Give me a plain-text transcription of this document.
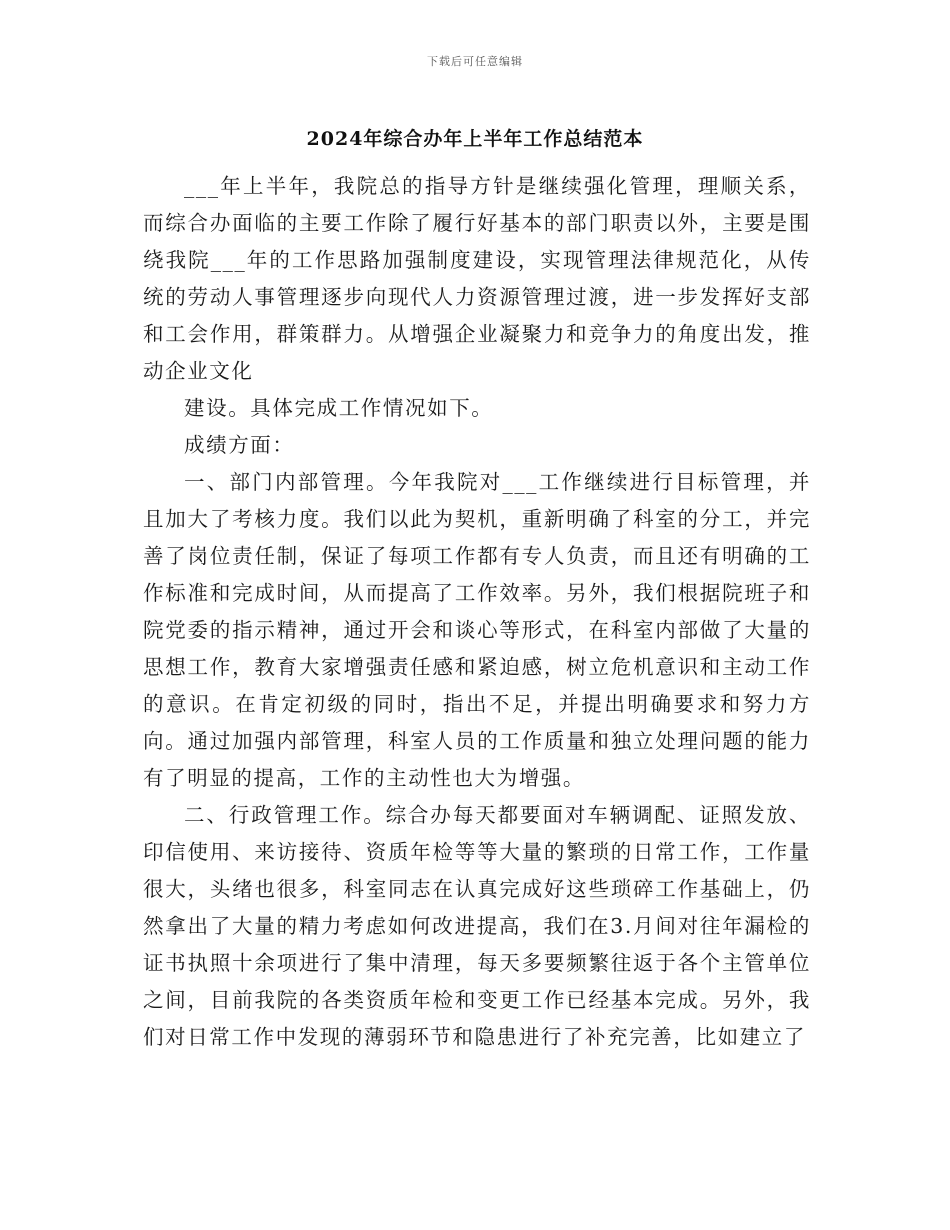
下载后可任意编辑
2024年综合办年上半年工作总结范本

___年上半年，我院总的指导方针是继续强化管理，理顺关系，而综合办面临的主要工作除了履行好基本的部门职责以外，主要是围绕我院___年的工作思路加强制度建设，实现管理法律规范化，从传统的劳动人事管理逐步向现代人力资源管理过渡，进一步发挥好支部和工会作用，群策群力。从增强企业凝聚力和竞争力的角度出发，推动企业文化

建设。具体完成工作情况如下。

成绩方面：

一、部门内部管理。今年我院对___工作继续进行目标管理，并且加大了考核力度。我们以此为契机，重新明确了科室的分工，并完善了岗位责任制，保证了每项工作都有专人负责，而且还有明确的工作标准和完成时间，从而提高了工作效率。另外，我们根据院班子和院党委的指示精神，通过开会和谈心等形式，在科室内部做了大量的思想工作，教育大家增强责任感和紧迫感，树立危机意识和主动工作的意识。在肯定初级的同时，指出不足，并提出明确要求和努力方向。通过加强内部管理，科室人员的工作质量和独立处理问题的能力有了明显的提高，工作的主动性也大为增强。

二、行政管理工作。综合办每天都要面对车辆调配、证照发放、印信使用、来访接待、资质年检等等大量的繁琐的日常工作，工作量很大，头绪也很多，科室同志在认真完成好这些琐碎工作基础上，仍然拿出了大量的精力考虑如何改进提高，我们在3.月间对往年漏检的证书执照十余项进行了集中清理，每天多要频繁往返于各个主管单位之间，目前我院的各类资质年检和变更工作已经基本完成。另外，我们对日常工作中发现的薄弱环节和隐患进行了补充完善，比如建立了
